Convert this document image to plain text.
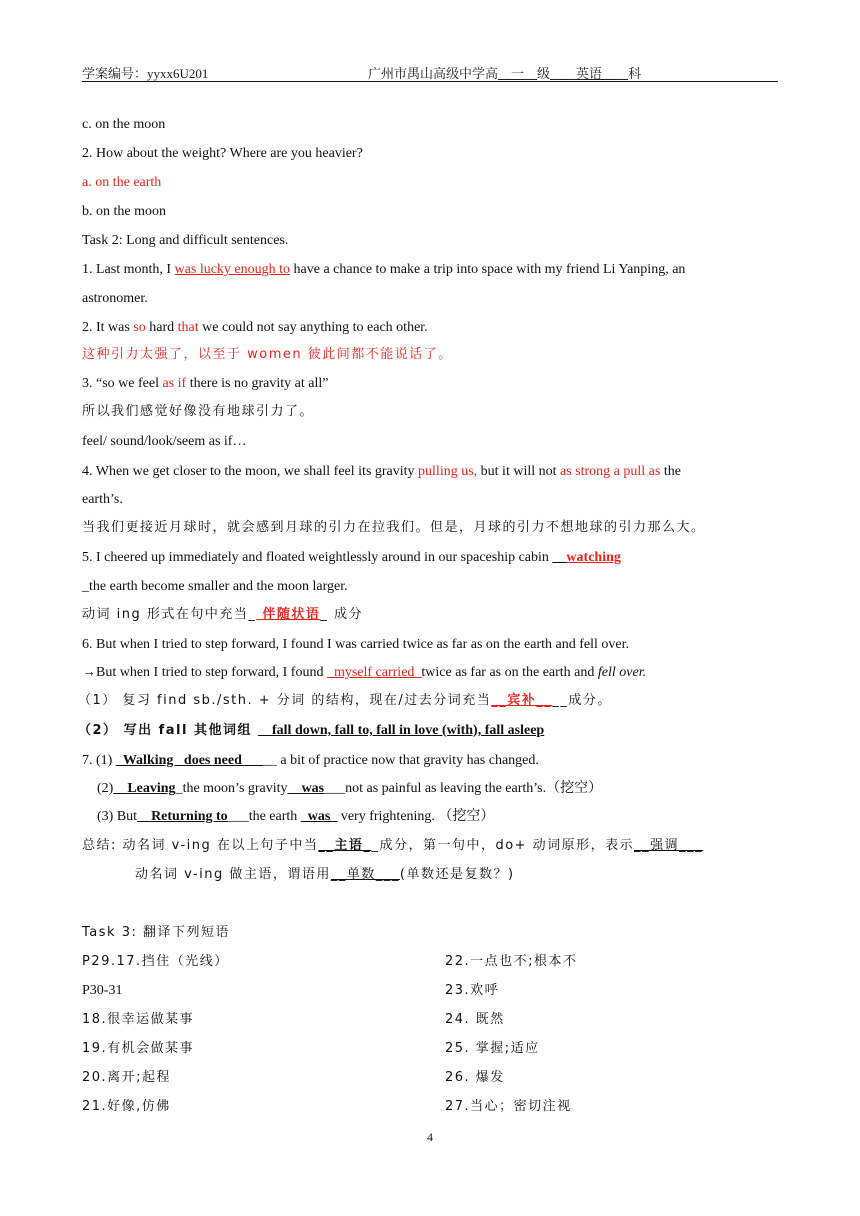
学案编号：yyxx6U201	广州市禺山高级中学高__一__级____英语____科
c. on the moon
2. How about the weight? Where are you heavier?
a. on the earth
b. on the moon
Task 2: Long and difficult sentences.
1. Last month, I was lucky enough to have a chance to make a trip into space with my friend Li Yanping, an
astronomer.
2. It was so hard that we could not say anything to each other.
这种引力太强了，以至于 women 彼此间都不能说话了。
3. “so we feel as if there is no gravity at all”
所以我们感觉好像没有地球引力了。
feel/ sound/look/seem as if…
4. When we get closer to the moon, we shall feel its gravity pulling us, but it will not as strong a pull as the
earth’s.
当我们更接近月球时，就会感到月球的引力在拉我们。但是，月球的引力不想地球的引力那么大。
5. I cheered up immediately and floated weightlessly around in our spaceship cabin __watching
_the earth become smaller and the moon larger.
动词 ing 形式在句中充当_ 伴随状语_ 成分
6. But when I tried to step forward, I found I was carried twice as far as on the earth and fell over.
→But when I tried to step forward, I found _myself carried_twice as far as on the earth and fell over.
（1） 复习 find sb./sth. + 分词 的结构，现在/过去分词充当__宾补____成分。
（2） 写出 fall 其他词组 __fall down, fall to, fall in love (with), fall asleep
7. (1) _Walking _does need_____ a bit of practice now that gravity has changed.
(2)__Leaving_the moon’s gravity__was___not as painful as leaving the earth’s.（挖空）
(3) But__Returning to___the earth _was_ very frightening. （挖空）
总结: 动名词 v-ing 在以上句子中当__主语__成分，第一句中，do+ 动词原形，表示__强调___
动名词 v-ing 做主语，谓语用__单数___(单数还是复数？)
Task 3: 翻译下列短语
P29.17.挡住（光线）
P30-31
18.很幸运做某事
19.有机会做某事
20.离开;起程
21.好像,仿佛
22.一点也不;根本不
23.欢呼
24. 既然
25. 掌握;适应
26. 爆发
27.当心；密切注视
4
